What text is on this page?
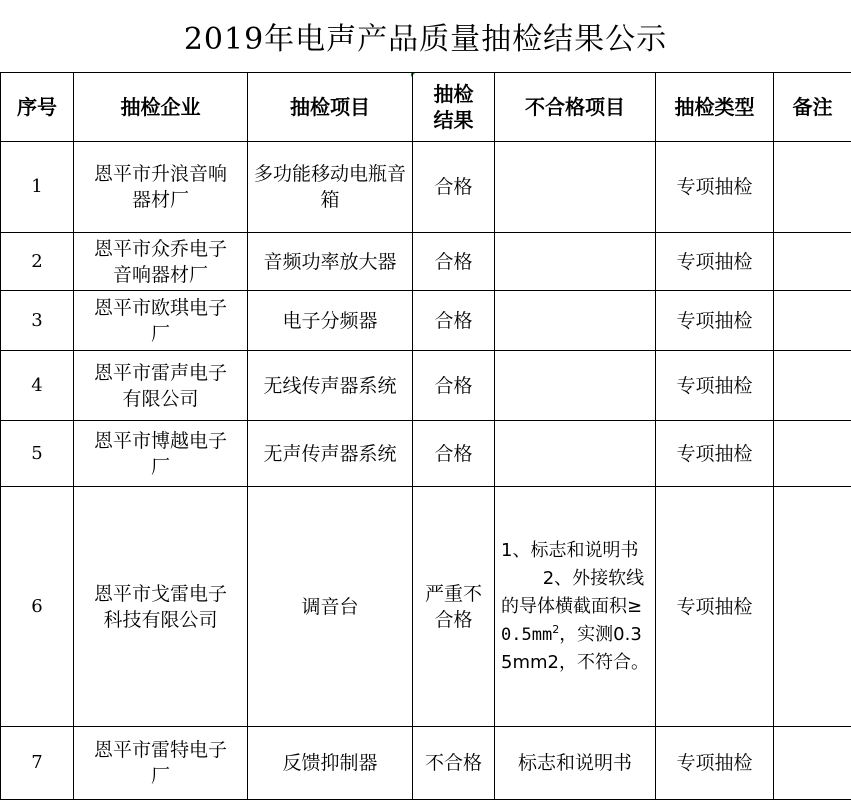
2019年电声产品质量抽检结果公示
序号	抽检企业	抽检项目	抽检结果	不合格项目	抽检类型	备注
1	恩平市升浪音响器材厂	多功能移动电瓶音箱	合格		专项抽检	
2	恩平市众乔电子音响器材厂	音频功率放大器	合格		专项抽检	
3	恩平市欧琪电子厂	电子分频器	合格		专项抽检	
4	恩平市雷声电子有限公司	无线传声器系统	合格		专项抽检	
5	恩平市博越电子厂	无声传声器系统	合格		专项抽检	
6	恩平市戈雷电子科技有限公司	调音台	严重不合格	1、标志和说明书  2、外接软线的导体横截面积≥
$0.5mm^2$，实测0.35mm2，不符合。	专项抽检	
7	恩平市雷特电子厂	反馈抑制器	不合格	标志和说明书	专项抽检	
